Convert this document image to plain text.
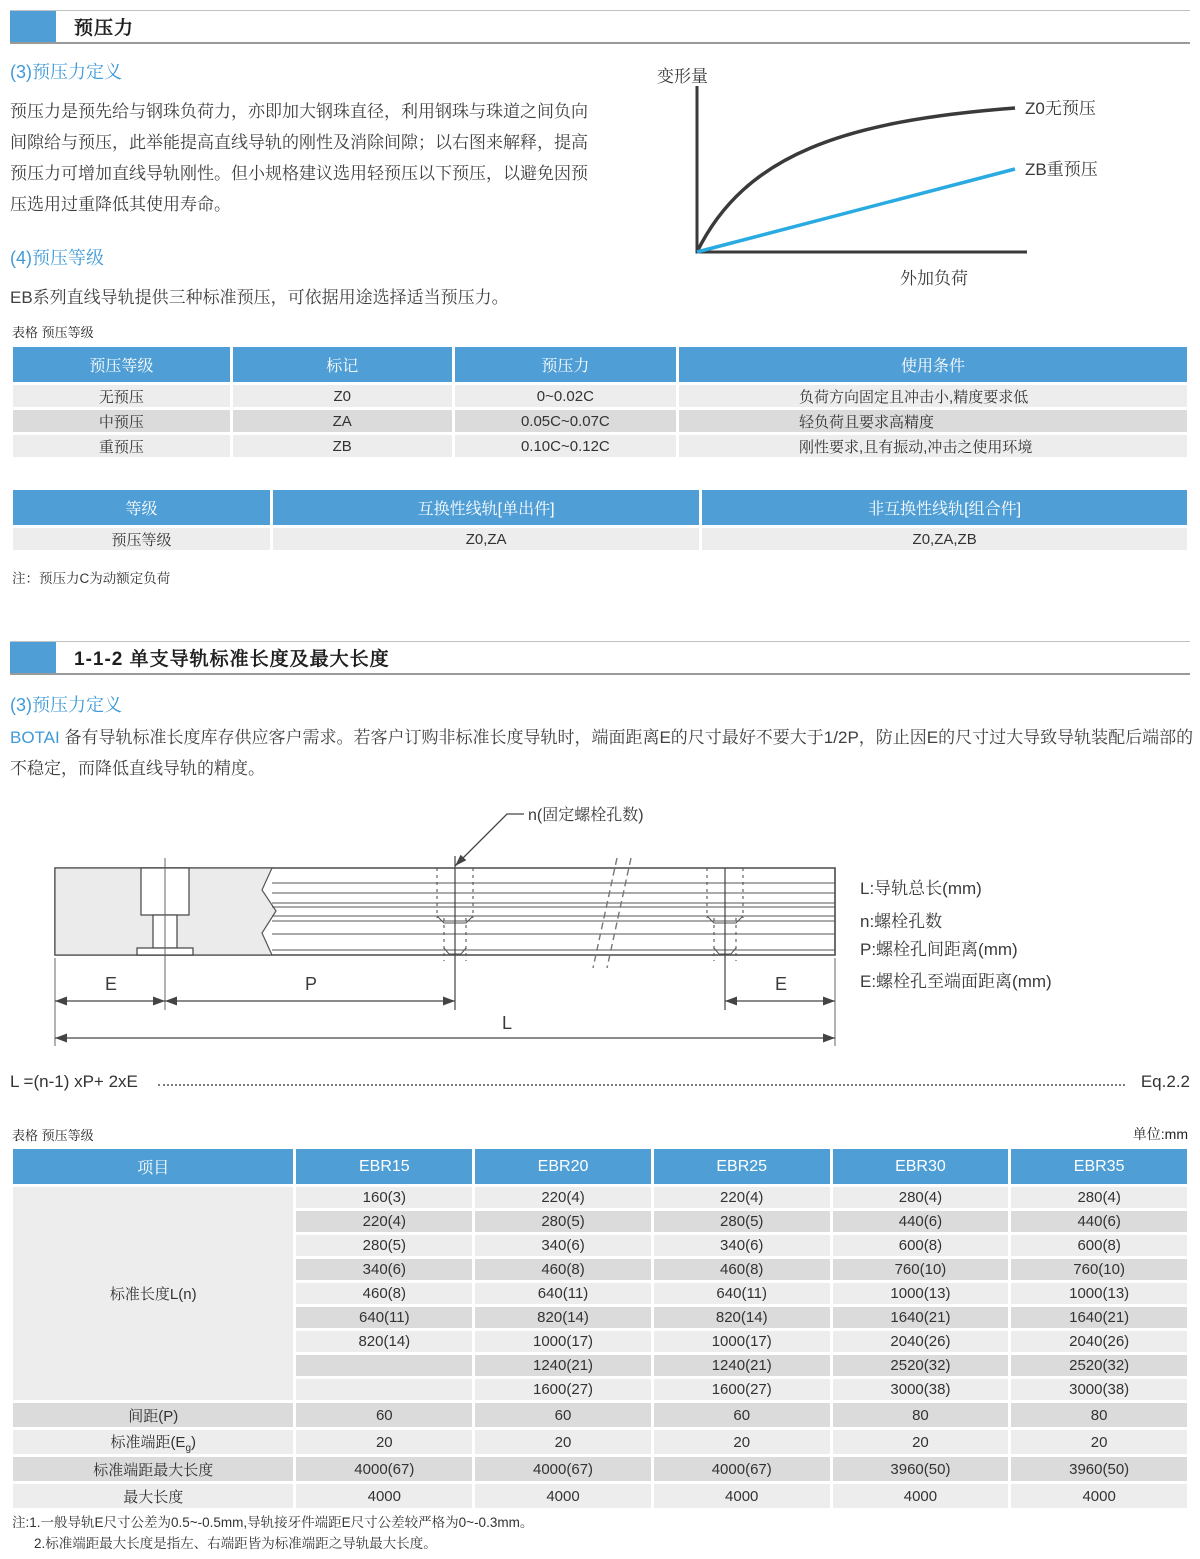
预压力
(3)预压力定义
预压力是预先给与钢珠负荷力，亦即加大钢珠直径，利用钢珠与珠道之间负向间隙给与预压，此举能提高直线导轨的刚性及消除间隙；以右图来解释，提高预压力可增加直线导轨刚性。但小规格建议选用轻预压以下预压，以避免因预压选用过重降低其使用寿命。
(4)预压等级
EB系列直线导轨提供三种标准预压，可依据用途选择适当预压力。
变形量
外加负荷
Z0无预压
ZB重预压
表格 预压等级
预压等级	标记	预压力	使用条件
无预压	Z0	0~0.02C	负荷方向固定且冲击小,精度要求低
中预压	ZA	0.05C~0.07C	轻负荷且要求高精度
重预压	ZB	0.10C~0.12C	刚性要求,且有振动,冲击之使用环境
等级	互换性线轨[单出件]	非互换性线轨[组合件]
预压等级	Z0,ZA	Z0,ZA,ZB
注：预压力C为动额定负荷
1-1-2 单支导轨标准长度及最大长度
(3)预压力定义
BOTAI 备有导轨标准长度库存供应客户需求。若客户订购非标准长度导轨时，端面距离E的尺寸最好不要大于1/2P，防止因E的尺寸过大导致导轨装配后端部的不稳定，而降低直线导轨的精度。
n(固定螺栓孔数)
E	P	E
L
L:导轨总长(mm)
n:螺栓孔数
P:螺栓孔间距离(mm)
E:螺栓孔至端面距离(mm)
L =(n-1) xP+ 2xE	Eq.2.2
表格 预压等级	单位:mm
项目	EBR15	EBR20	EBR25	EBR30	EBR35
标准长度L(n)	160(3)	220(4)	220(4)	280(4)	280(4)
	220(4)	280(5)	280(5)	440(6)	440(6)
	280(5)	340(6)	340(6)	600(8)	600(8)
	340(6)	460(8)	460(8)	760(10)	760(10)
	460(8)	640(11)	640(11)	1000(13)	1000(13)
	640(11)	820(14)	820(14)	1640(21)	1640(21)
	820(14)	1000(17)	1000(17)	2040(26)	2040(26)
		1240(21)	1240(21)	2520(32)	2520(32)
		1600(27)	1600(27)	3000(38)	3000(38)
间距(P)	60	60	60	80	80
标准端距$(E_g)$	20	20	20	20	20
标准端距最大长度	4000(67)	4000(67)	4000(67)	3960(50)	3960(50)
最大长度	4000	4000	4000	4000	4000
注:1.一般导轨E尺寸公差为0.5~-0.5mm,导轨接牙件端距E尺寸公差较严格为0~-0.3mm。
2.标准端距最大长度是指左、右端距皆为标准端距之导轨最大长度。
